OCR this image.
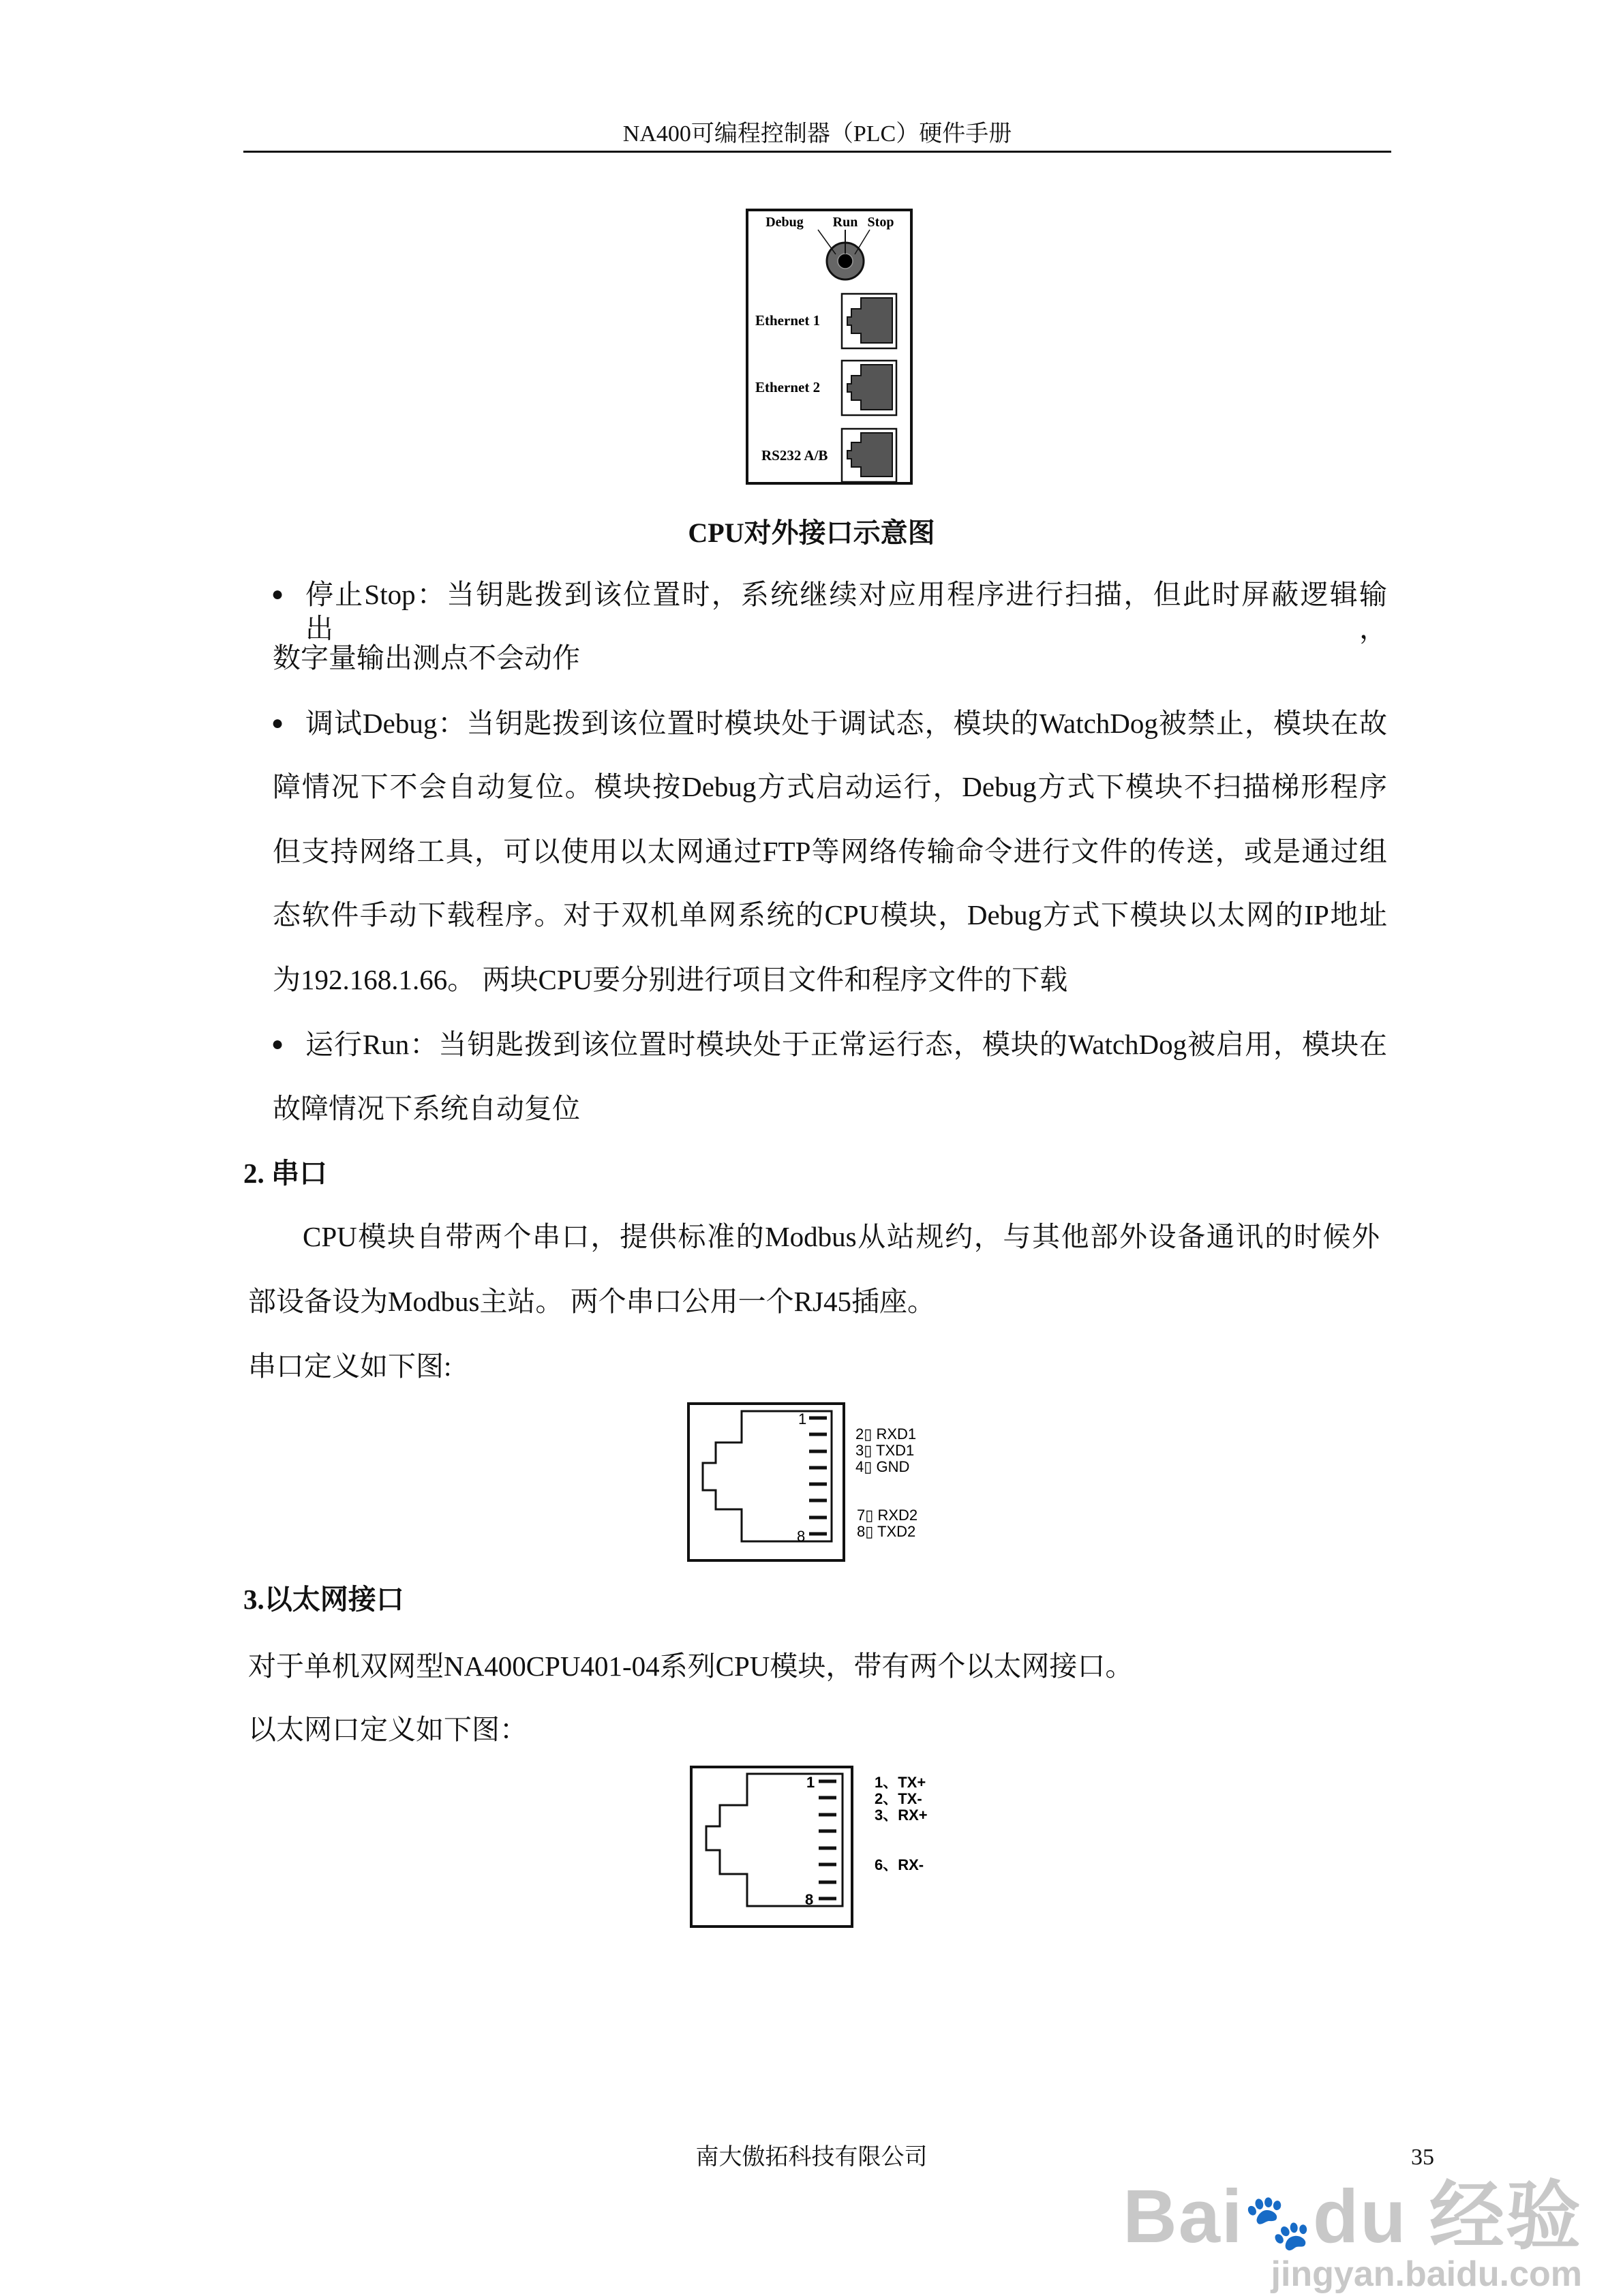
NA400可编程控制器（PLC）硬件手册
Debug Run Stop
Ethernet 1
Ethernet 2
RS232 A/B
CPU对外接口示意图
● 停止Stop：当钥匙拨到该位置时，系统继续对应用程序进行扫描，但此时屏蔽逻辑输出，
数字量输出测点不会动作
● 调试Debug：当钥匙拨到该位置时模块处于调试态，模块的WatchDog被禁止，模块在故
障情况下不会自动复位。模块按Debug方式启动运行，Debug方式下模块不扫描梯形程序
但支持网络工具，可以使用以太网通过FTP等网络传输命令进行文件的传送，或是通过组
态软件手动下载程序。对于双机单网系统的CPU模块，Debug方式下模块以太网的IP地址
为192.168.1.66。 两块CPU要分别进行项目文件和程序文件的下载
● 运行Run：当钥匙拨到该位置时模块处于正常运行态，模块的WatchDog被启用，模块在
故障情况下系统自动复位
2. 串口
CPU模块自带两个串口，提供标准的Modbus从站规约，与其他部外设备通讯的时候外
部设备设为Modbus主站。 两个串口公用一个RJ45插座。
串口定义如下图:
1
8
2▯ RXD1
3▯ TXD1
4▯ GND
7▯ RXD2
8▯ TXD2
3.以太网接口
对于单机双网型NA400CPU401-04系列CPU模块，带有两个以太网接口。
以太网口定义如下图：
1
8
1、TX+
2、TX-
3、RX+
6、RX-
南大傲拓科技有限公司	35
Bai🐾du 经验
jingyan.baidu.com
